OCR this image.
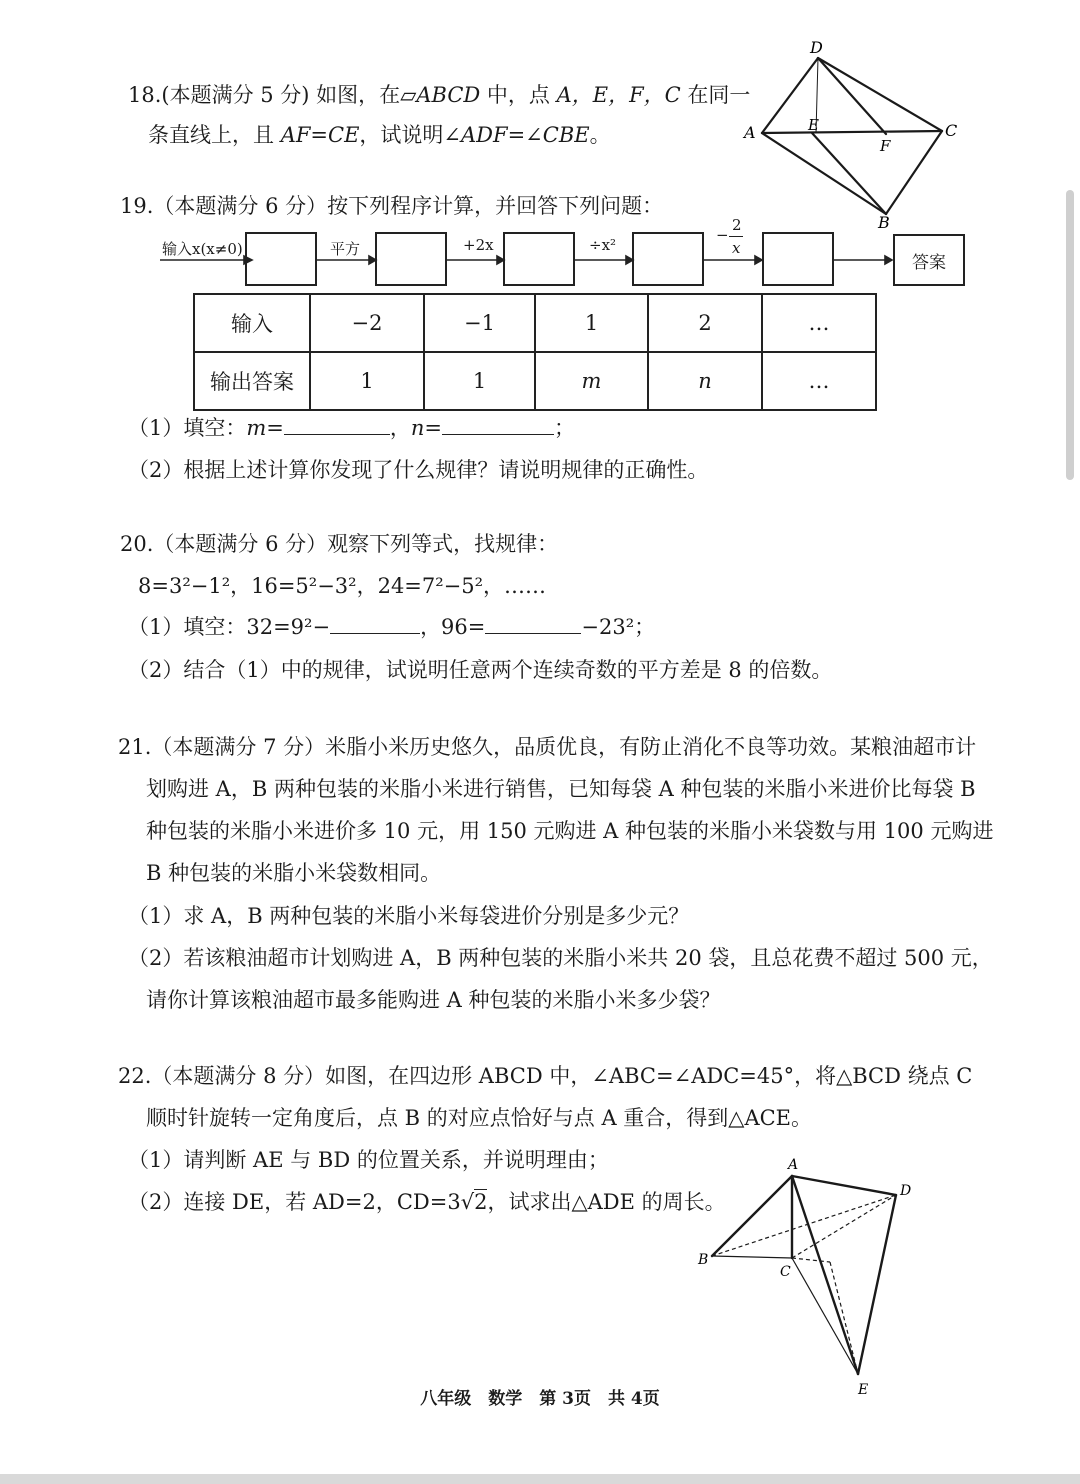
18.(本题满分 5 分) 如图，在▱ABCD 中，点 A，E，F，C 在同一
条直线上，且 AF=CE，试说明∠ADF=∠CBE。
D
A	C
E
F
B
19.（本题满分 6 分）按下列程序计算，并回答下列问题：
输入x(x≠0)	平方	+2x	÷x²
−
2
x
答案
输入	−2	−1	1	2	…
输出答案	1	1	m	n	…
（1）填空：m=	，n=	；
（2）根据上述计算你发现了什么规律？请说明规律的正确性。
20.（本题满分 6 分）观察下列等式，找规律：
8=3²−1²，16=5²−3²，24=7²−5²，……
（1）填空：32=9²−	，96=	−23²；
（2）结合（1）中的规律，试说明任意两个连续奇数的平方差是 8 的倍数。
21.（本题满分 7 分）米脂小米历史悠久，品质优良，有防止消化不良等功效。某粮油超市计
划购进 A，B 两种包装的米脂小米进行销售，已知每袋 A 种包装的米脂小米进价比每袋 B
种包装的米脂小米进价多 10 元，用 150 元购进 A 种包装的米脂小米袋数与用 100 元购进
B 种包装的米脂小米袋数相同。
（1）求 A，B 两种包装的米脂小米每袋进价分别是多少元？
（2）若该粮油超市计划购进 A，B 两种包装的米脂小米共 20 袋，且总花费不超过 500 元，
请你计算该粮油超市最多能购进 A 种包装的米脂小米多少袋？
22.（本题满分 8 分）如图，在四边形 ABCD 中，∠ABC=∠ADC=45°，将△BCD 绕点 C
顺时针旋转一定角度后，点 B 的对应点恰好与点 A 重合，得到△ACE。
（1）请判断 AE 与 BD 的位置关系，并说明理由；
（2）连接 DE，若 AD=2，CD=3√2，试求出△ADE 的周长。
A
D
B
C
E
八年级　数学　第 3页　共 4页
